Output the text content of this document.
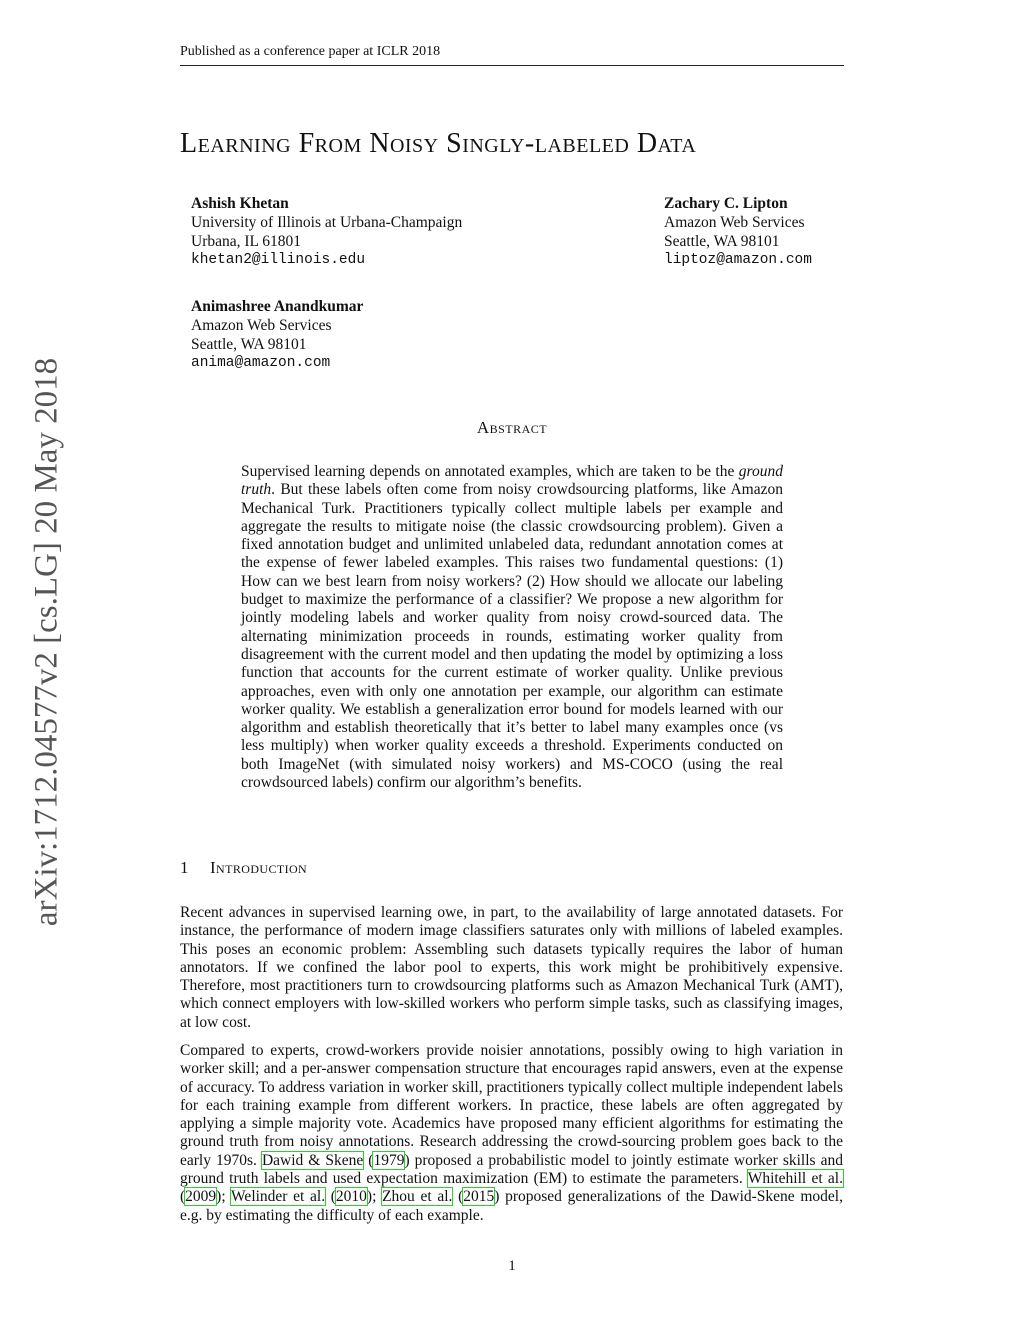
Published as a conference paper at ICLR 2018
Learning From Noisy Singly-labeled Data
Ashish Khetan
University of Illinois at Urbana-Champaign
Urbana, IL 61801
khetan2@illinois.edu
Zachary C. Lipton
Amazon Web Services
Seattle, WA 98101
liptoz@amazon.com
Animashree Anandkumar
Amazon Web Services
Seattle, WA 98101
anima@amazon.com
arXiv:1712.04577v2 [cs.LG] 20 May 2018	Abstract
Supervised learning depends on annotated examples, which are taken to be the ground truth. But these labels often come from noisy crowdsourcing platforms, like Amazon Mechanical Turk. Practitioners typically collect multiple labels per example and aggregate the results to mitigate noise (the classic crowdsourcing problem). Given a fixed annotation budget and unlimited unlabeled data, redundant annotation comes at the expense of fewer labeled examples. This raises two fundamental questions: (1) How can we best learn from noisy workers? (2) How should we allocate our labeling budget to maximize the performance of a classifier? We propose a new algorithm for jointly modeling labels and worker quality from noisy crowd-sourced data. The alternating minimization proceeds in rounds, estimating worker quality from disagreement with the current model and then updating the model by optimizing a loss function that accounts for the current estimate of worker quality. Unlike previous approaches, even with only one annotation per example, our algorithm can estimate worker quality. We establish a generalization error bound for models learned with our algorithm and establish theoretically that it’s better to label many examples once (vs less multiply) when worker quality exceeds a threshold. Experiments conducted on both ImageNet (with simulated noisy workers) and MS-COCO (using the real crowdsourced labels) confirm our algorithm’s benefits.
1 Introduction
Recent advances in supervised learning owe, in part, to the availability of large annotated datasets. For instance, the performance of modern image classifiers saturates only with millions of labeled examples. This poses an economic problem: Assembling such datasets typically requires the labor of human annotators. If we confined the labor pool to experts, this work might be prohibitively expensive. Therefore, most practitioners turn to crowdsourcing platforms such as Amazon Mechanical Turk (AMT), which connect employers with low-skilled workers who perform simple tasks, such as classifying images, at low cost.
Compared to experts, crowd-workers provide noisier annotations, possibly owing to high variation in worker skill; and a per-answer compensation structure that encourages rapid answers, even at the expense of accuracy. To address variation in worker skill, practitioners typically collect multiple independent labels for each training example from different workers. In practice, these labels are often aggregated by applying a simple majority vote. Academics have proposed many efficient algorithms for estimating the ground truth from noisy annotations. Research addressing the crowd-sourcing problem goes back to the early 1970s. Dawid & Skene (1979) proposed a probabilistic model to jointly estimate worker skills and ground truth labels and used expectation maximization (EM) to estimate the parameters. Whitehill et al. (2009); Welinder et al. (2010); Zhou et al. (2015) proposed generalizations of the Dawid-Skene model, e.g. by estimating the difficulty of each example.
1
